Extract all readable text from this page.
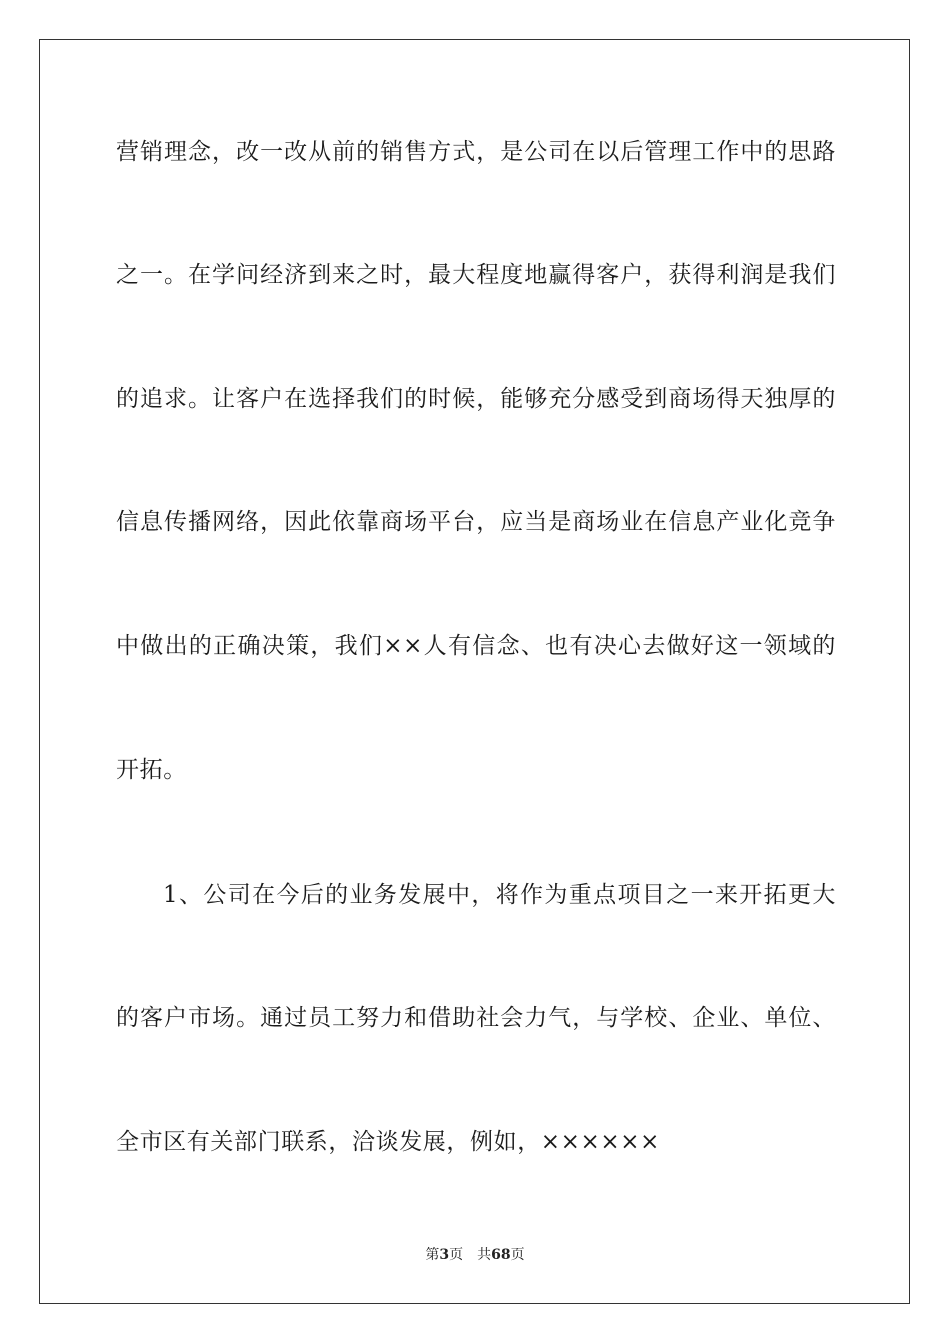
营销理念，改一改从前的销售方式，是公司在以后管理工作中的思路
之一。在学问经济到来之时，最大程度地赢得客户，获得利润是我们
的追求。让客户在选择我们的时候，能够充分感受到商场得天独厚的
信息传播网络，因此依靠商场平台，应当是商场业在信息产业化竞争
中做出的正确决策，我们××人有信念、也有决心去做好这一领域的
开拓。
1、公司在今后的业务发展中，将作为重点项目之一来开拓更大
的客户市场。通过员工努力和借助社会力气，与学校、企业、单位、
全市区有关部门联系，洽谈发展，例如，××××××
第3页 共68页
